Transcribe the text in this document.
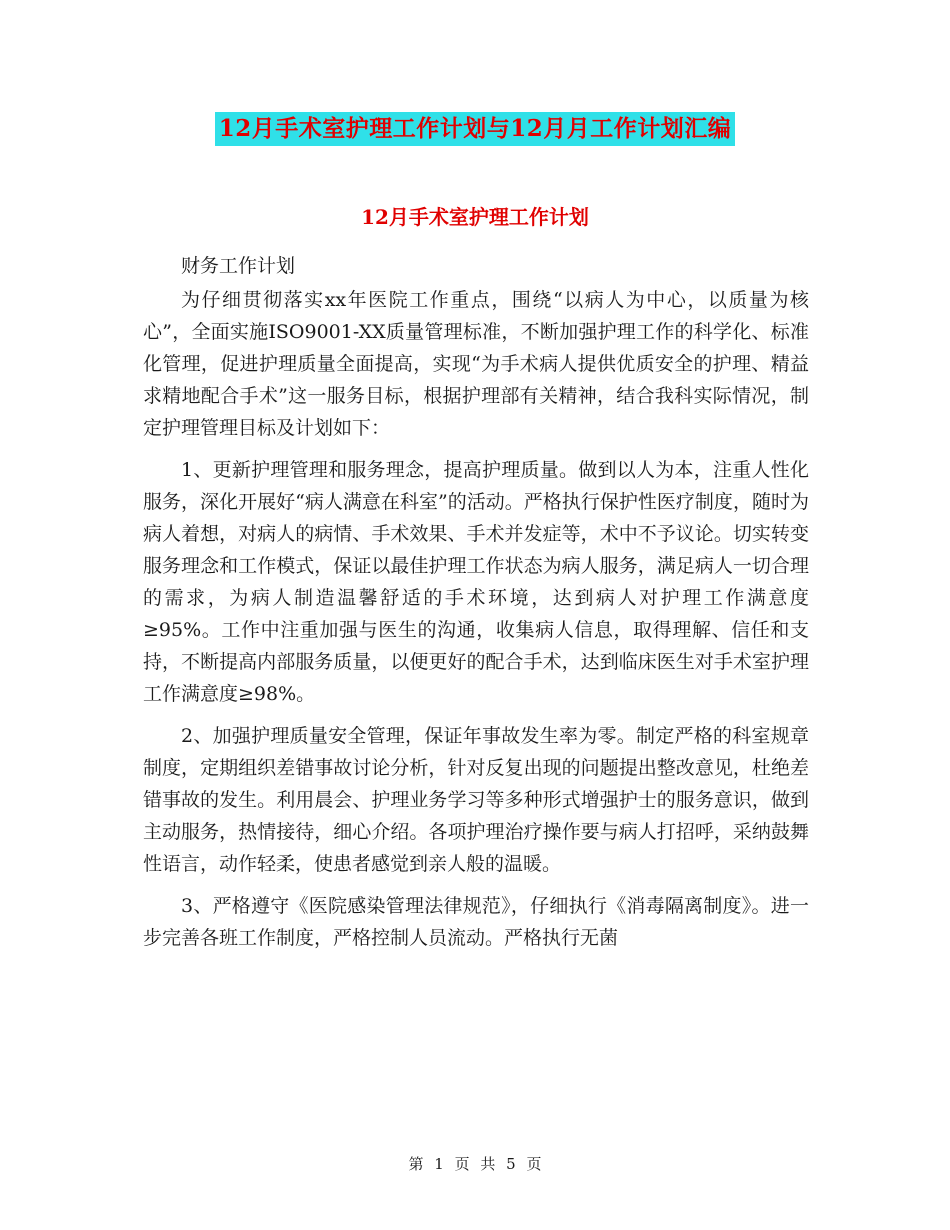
12月手术室护理工作计划与12月月工作计划汇编
12月手术室护理工作计划

财务工作计划

为仔细贯彻落实xx年医院工作重点，围绕“以病人为中心，以质量为核心”，全面实施ISO9001-XX质量管理标准，不断加强护理工作的科学化、标准化管理，促进护理质量全面提高，实现“为手术病人提供优质安全的护理、精益求精地配合手术”这一服务目标，根据护理部有关精神，结合我科实际情况，制定护理管理目标及计划如下：

1、更新护理管理和服务理念，提高护理质量。做到以人为本，注重人性化服务，深化开展好“病人满意在科室”的活动。严格执行保护性医疗制度，随时为病人着想，对病人的病情、手术效果、手术并发症等，术中不予议论。切实转变服务理念和工作模式，保证以最佳护理工作状态为病人服务，满足病人一切合理的需求，为病人制造温馨舒适的手术环境，达到病人对护理工作满意度≥95%。工作中注重加强与医生的沟通，收集病人信息，取得理解、信任和支持，不断提高内部服务质量，以便更好的配合手术，达到临床医生对手术室护理工作满意度≥98%。

2、加强护理质量安全管理，保证年事故发生率为零。制定严格的科室规章制度，定期组织差错事故讨论分析，针对反复出现的问题提出整改意见，杜绝差错事故的发生。利用晨会、护理业务学习等多种形式增强护士的服务意识，做到主动服务，热情接待，细心介绍。各项护理治疗操作要与病人打招呼，采纳鼓舞性语言，动作轻柔，使患者感觉到亲人般的温暖。

3、严格遵守《医院感染管理法律规范》，仔细执行《消毒隔离制度》。进一步完善各班工作制度，严格控制人员流动。严格执行无菌

第 1 页 共 5 页
